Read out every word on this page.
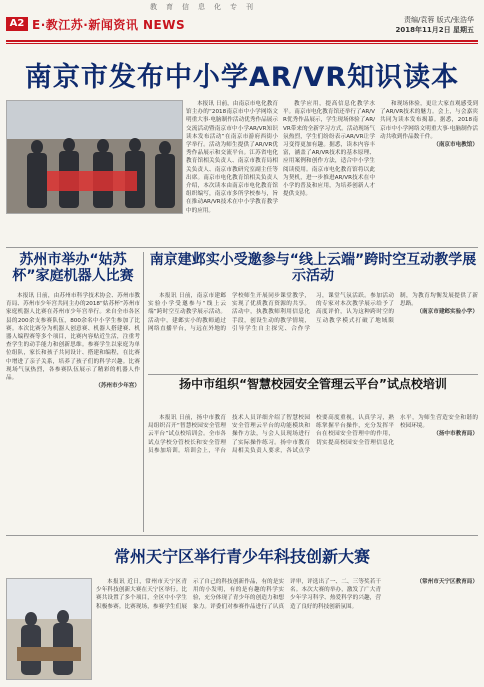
教育信息化专刊
A2 E·教江苏·新闻资讯 NEWS	责编/袁蓉 版式/张浩华
2018年11月2日 星期五
南京市发布中小学AR/VR知识读本

本报讯 日前，由南京市电化教育馆主办的“2018南京市中小学网络文明重大事·电脑制作活动优秀作品展示交流活动暨南京市中小学AR/VR知识读本发布活动”在南京市游府西街小学举行。活动为师生提供了AR/VR优秀作品展示和交流平台。江苏省电化教育馆相关负责人、南京市教育局相关负责人、南京市教研究室副主任等出席。南京市电化教育馆相关负责人介绍，本次读本由南京市电化教育馆组织编写，南京市多所学校参与，旨在推动AR/VR技术在中小学教育教学中的应用。

教学应用，提高信息化教学水平。南京市电化教育馆还举行了AR/VR优秀作品展示，学生现场体验了AR/VR带来的全新学习方式。活动现场气氛热烈，学生们纷纷表示AR/VR让学习变得更加有趣。据悉，读本内容丰富，涵盖了AR/VR技术的基本原理、应用案例和创作方法，适合中小学生阅读使用。南京市电化教育馆将以此为契机，进一步推进AR/VR技术在中小学的普及和应用，为培养创新人才提供支持。

和现场体验，更让大家直观感受到了AR/VR技术的魅力。会上，与会嘉宾共同为读本发布揭幕。据悉，2018南京市中小学网络文明重大事·电脑制作活动共收到作品数千件。

（南京市电教馆）
苏州市举办“姑苏杯”家庭机器人比赛

本报讯 日前，由苏州市科学技术协会、苏州市教育局、苏州市少年宫共同主办的2018“姑苏杯”苏州市家庭机器人比赛在苏州市少年宫举行。来自全市各区县的200余支参赛队伍，800余名中小学生参加了比赛。本次比赛分为机器人创意赛、机器人搭建赛、机器人编程赛等多个项目，比赛内容贴近生活，注重考查学生的动手能力和创新思维。参赛学生以家庭为单位组队，家长和孩子共同设计、搭建和编程，在比赛中增进了亲子关系，培养了孩子们的科学兴趣。比赛现场气氛热烈，各参赛队伍展示了精彩的机器人作品。

（苏州市少年宫）
南京建邺实小受邀参与“线上云端”跨时空互动教学展示活动

本报讯 日前，南京市建邺实验小学受邀参与“线上云端”跨时空互动教学展示活动。活动中，建邺实小的教师通过网络直播平台，与远在外地的学校师生开展同步课堂教学，实现了优质教育资源的共享。活动中，执教教师利用信息化手段，创设生动的教学情境，引导学生自主探究、合作学习，课堂气氛活跃。参加活动的专家对本次教学展示给予了高度评价，认为这种跨时空的互动教学模式打破了地域限制，为教育均衡发展提供了新思路。

（南京市建邺实验小学）
扬中市组织“智慧校园安全管理云平台”试点校培训

本报讯 日前，扬中市教育局组织召开“智慧校园安全管理云平台”试点校培训会。全市各试点学校分管校长和安全管理员参加培训。培训会上，平台技术人员详细介绍了智慧校园安全管理云平台的功能模块和操作方法，与会人员现场进行了实际操作练习。扬中市教育局相关负责人要求，各试点学校要高度重视，认真学习，熟练掌握平台操作，充分发挥平台在校园安全管理中的作用，切实提高校园安全管理信息化水平，为师生营造安全和谐的校园环境。

（扬中市教育局）
常州天宁区举行青少年科技创新大赛

本报讯 近日，常州市天宁区青少年科技创新大赛在天宁区举行。比赛共设置了多个项目，全区中小学生积极参赛。比赛现场，参赛学生们展示了自己的科技创新作品，有的是实用的小发明，有的是有趣的科学实验，充分体现了青少年的创造力和想象力。评委们对参赛作品进行了认真评审，评选出了一、二、三等奖若干名。本次大赛的举办，激发了广大青少年学习科学、热爱科学的兴趣，营造了良好的科技创新氛围。

（常州市天宁区教育局）
